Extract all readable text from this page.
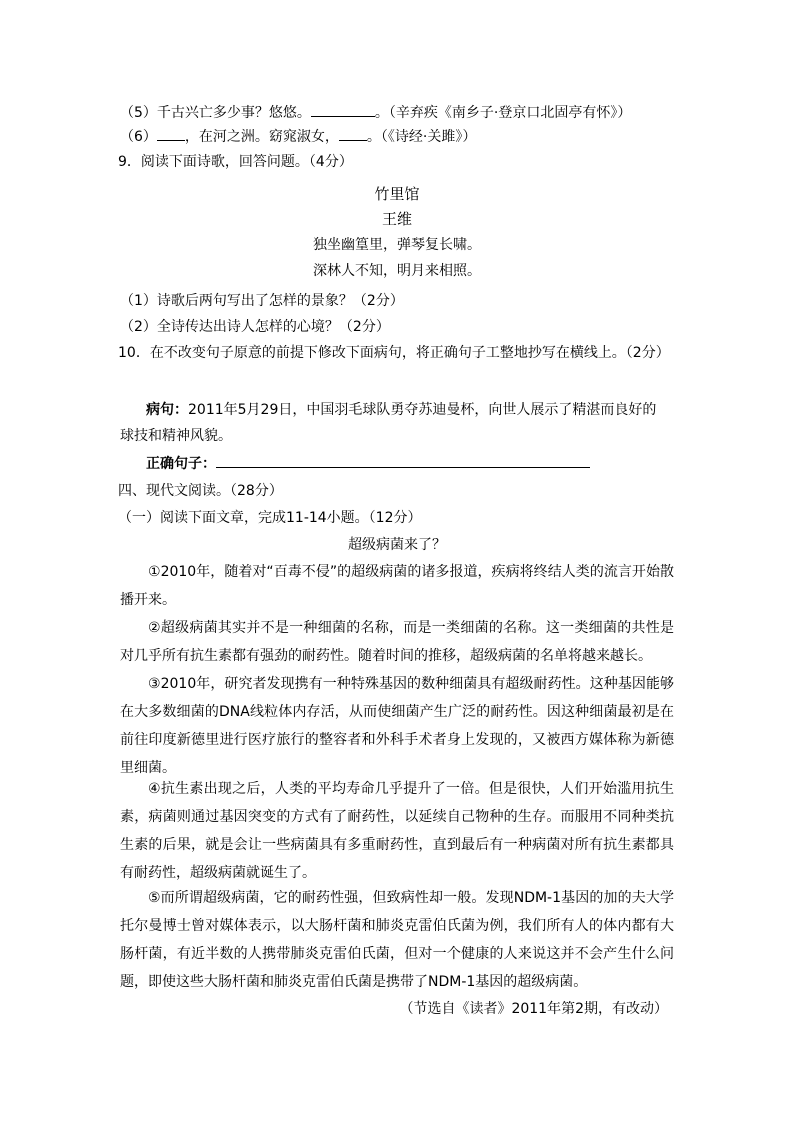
（5）千古兴亡多少事？悠悠。	。（辛弃疾《南乡子·登京口北固亭有怀》）
（6） ，在河之洲。窈窕淑女， 。（《诗经·关雎》）
9．阅读下面诗歌，回答问题。（4分）
竹里馆
王维
独坐幽篁里，弹琴复长啸。
深林人不知，明月来相照。
（1）诗歌后两句写出了怎样的景象？（2分）
（2）全诗传达出诗人怎样的心境？（2分）
10．在不改变句子原意的前提下修改下面病句，将正确句子工整地抄写在横线上。（2分）
病句：2011年5月29日，中国羽毛球队勇夺苏迪曼杯，向世人展示了精湛而良好的
球技和精神风貌。
正确句子：
四、现代文阅读。（28分）
（一）阅读下面文章，完成11-14小题。（12分）
超级病菌来了？
①2010年，随着对“百毒不侵”的超级病菌的诸多报道，疾病将终结人类的流言开始散播开来。
②超级病菌其实并不是一种细菌的名称，而是一类细菌的名称。这一类细菌的共性是对几乎所有抗生素都有强劲的耐药性。随着时间的推移，超级病菌的名单将越来越长。
③2010年，研究者发现携有一种特殊基因的数种细菌具有超级耐药性。这种基因能够在大多数细菌的DNA线粒体内存活，从而使细菌产生广泛的耐药性。因这种细菌最初是在前往印度新德里进行医疗旅行的整容者和外科手术者身上发现的，又被西方媒体称为新德里细菌。
④抗生素出现之后，人类的平均寿命几乎提升了一倍。但是很快，人们开始滥用抗生素，病菌则通过基因突变的方式有了耐药性，以延续自己物种的生存。而服用不同种类抗生素的后果，就是会让一些病菌具有多重耐药性，直到最后有一种病菌对所有抗生素都具有耐药性，超级病菌就诞生了。
⑤而所谓超级病菌，它的耐药性强，但致病性却一般。发现NDM-1基因的加的夫大学托尔曼博士曾对媒体表示，以大肠杆菌和肺炎克雷伯氏菌为例，我们所有人的体内都有大肠杆菌，有近半数的人携带肺炎克雷伯氏菌，但对一个健康的人来说这并不会产生什么问题，即使这些大肠杆菌和肺炎克雷伯氏菌是携带了NDM-1基因的超级病菌。
（节选自《读者》2011年第2期，有改动）
